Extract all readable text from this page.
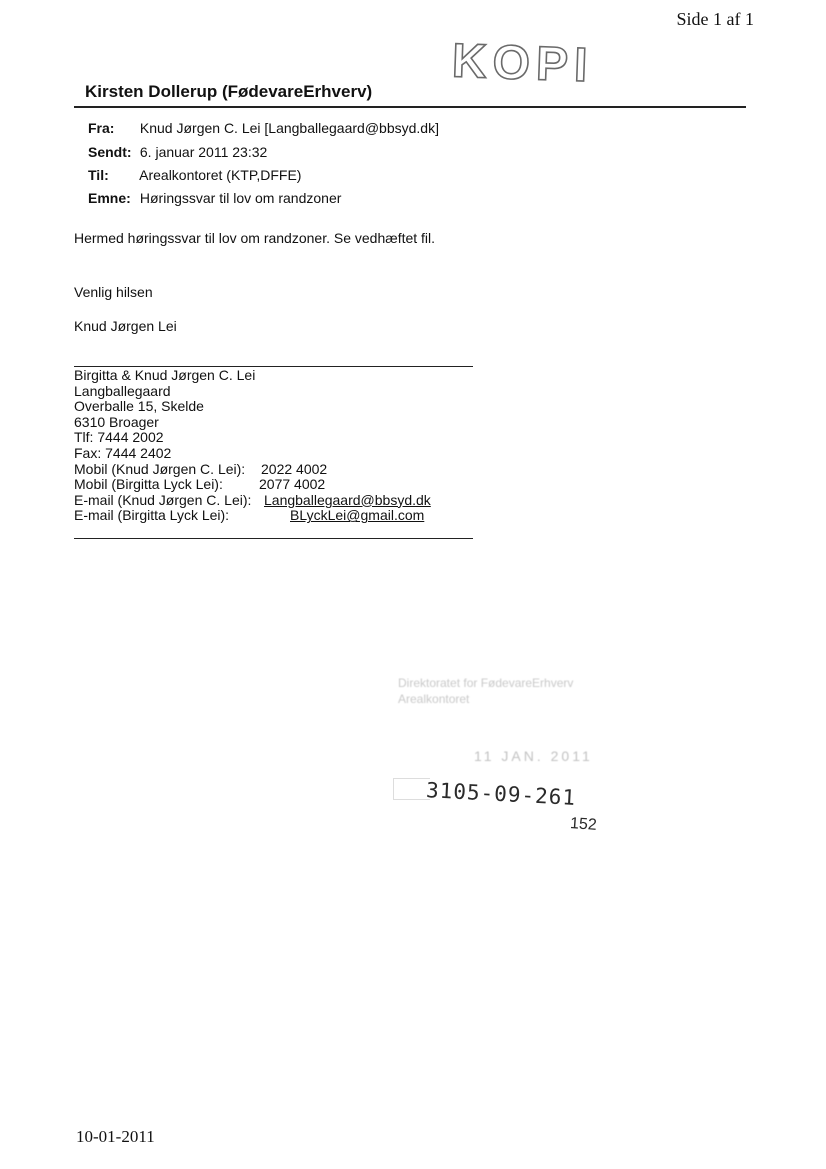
Side 1 af 1
KOPI
Kirsten Dollerup (FødevareErhverv)
Fra: Knud Jørgen C. Lei [Langballegaard@bbsyd.dk]
Sendt: 6. januar 2011 23:32
Til: Arealkontoret (KTP,DFFE)
Emne: Høringssvar til lov om randzoner
Hermed høringssvar til lov om randzoner. Se vedhæftet fil.
Venlig hilsen
Knud Jørgen Lei
Birgitta & Knud Jørgen C. Lei
Langballegaard
Overballe 15, Skelde
6310 Broager
Tlf: 7444 2002
Fax: 7444 2402
Mobil (Knud Jørgen C. Lei): 2022 4002
Mobil (Birgitta Lyck Lei):	2077 4002
E-mail (Knud Jørgen C. Lei): Langballegaard@bbsyd.dk
E-mail (Birgitta Lyck Lei):	BLyckLei@gmail.com
Direktoratet for FødevareErhverv
Arealkontoret
11 JAN. 2011
3105-09-261
152
10-01-2011
